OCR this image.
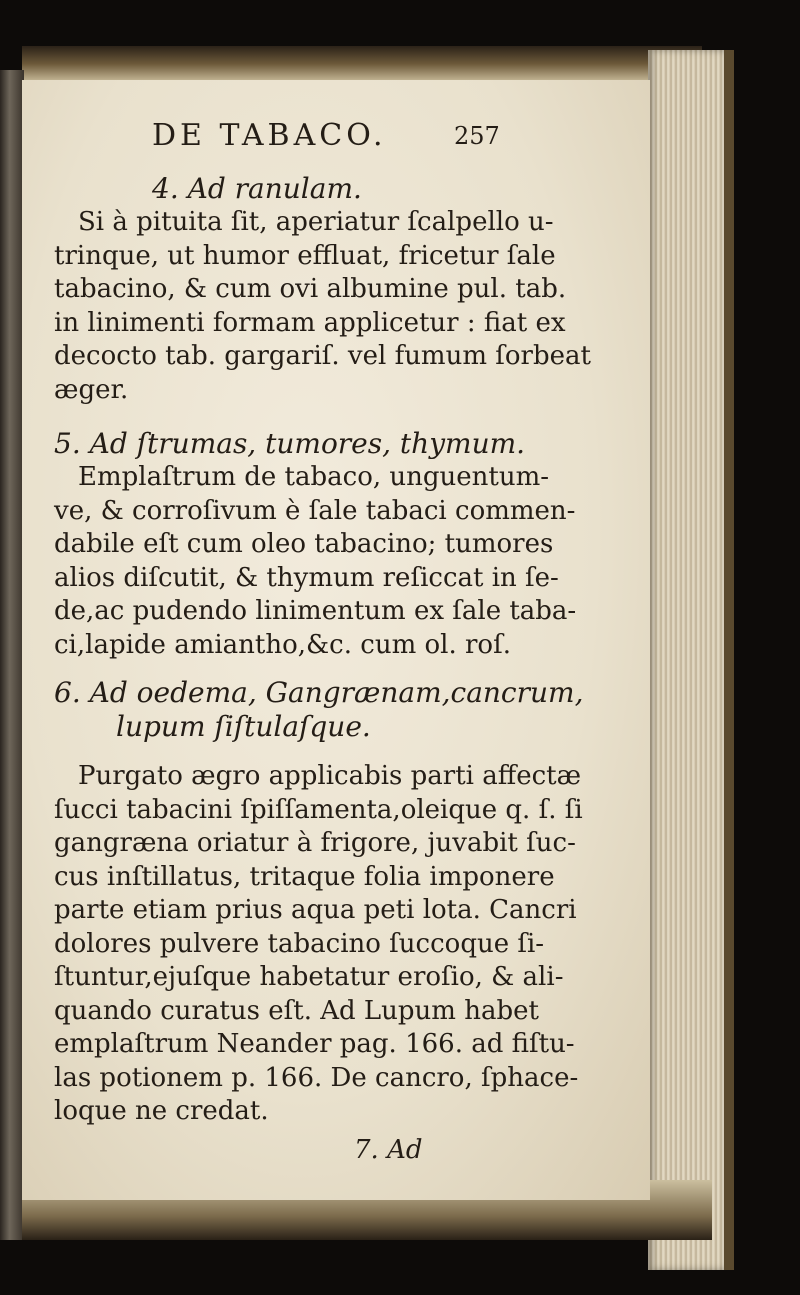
DE TABACO.	257
4. Ad ranulam.
Si à pituita ſit, aperiatur ſcalpello u-
trinque, ut humor effluat, fricetur ſale
tabacino, & cum ovi albumine pul. tab.
in linimenti formam applicetur : fiat ex
decocto tab. gargariſ. vel fumum ſorbeat
æger.
5. Ad ſtrumas, tumores, thymum.
Emplaſtrum de tabaco, unguentum-
ve, & corroſivum è ſale tabaci commen-
dabile eſt cum oleo tabacino; tumores
alios diſcutit, & thymum reſiccat in ſe-
de,ac pudendo linimentum ex ſale taba-
ci,lapide amiantho,&c. cum ol. roſ.
6. Ad oedema, Gangrænam,cancrum,
lupum ſiſtulaſque.
Purgato ægro applicabis parti affectæ
ſucci tabacini ſpiſſamenta,oleique q. ſ. ſi
gangræna oriatur à frigore, juvabit ſuc-
cus inſtillatus, tritaque folia imponere
parte etiam prius aqua peti lota. Cancri
dolores pulvere tabacino ſuccoque ſi-
ſtuntur,ejuſque habetatur eroſio, & ali-
quando curatus eſt. Ad Lupum habet
emplaſtrum Neander pag. 166. ad fiſtu-
las potionem p. 166. De cancro, ſphace-
loque ne credat.
7. Ad
